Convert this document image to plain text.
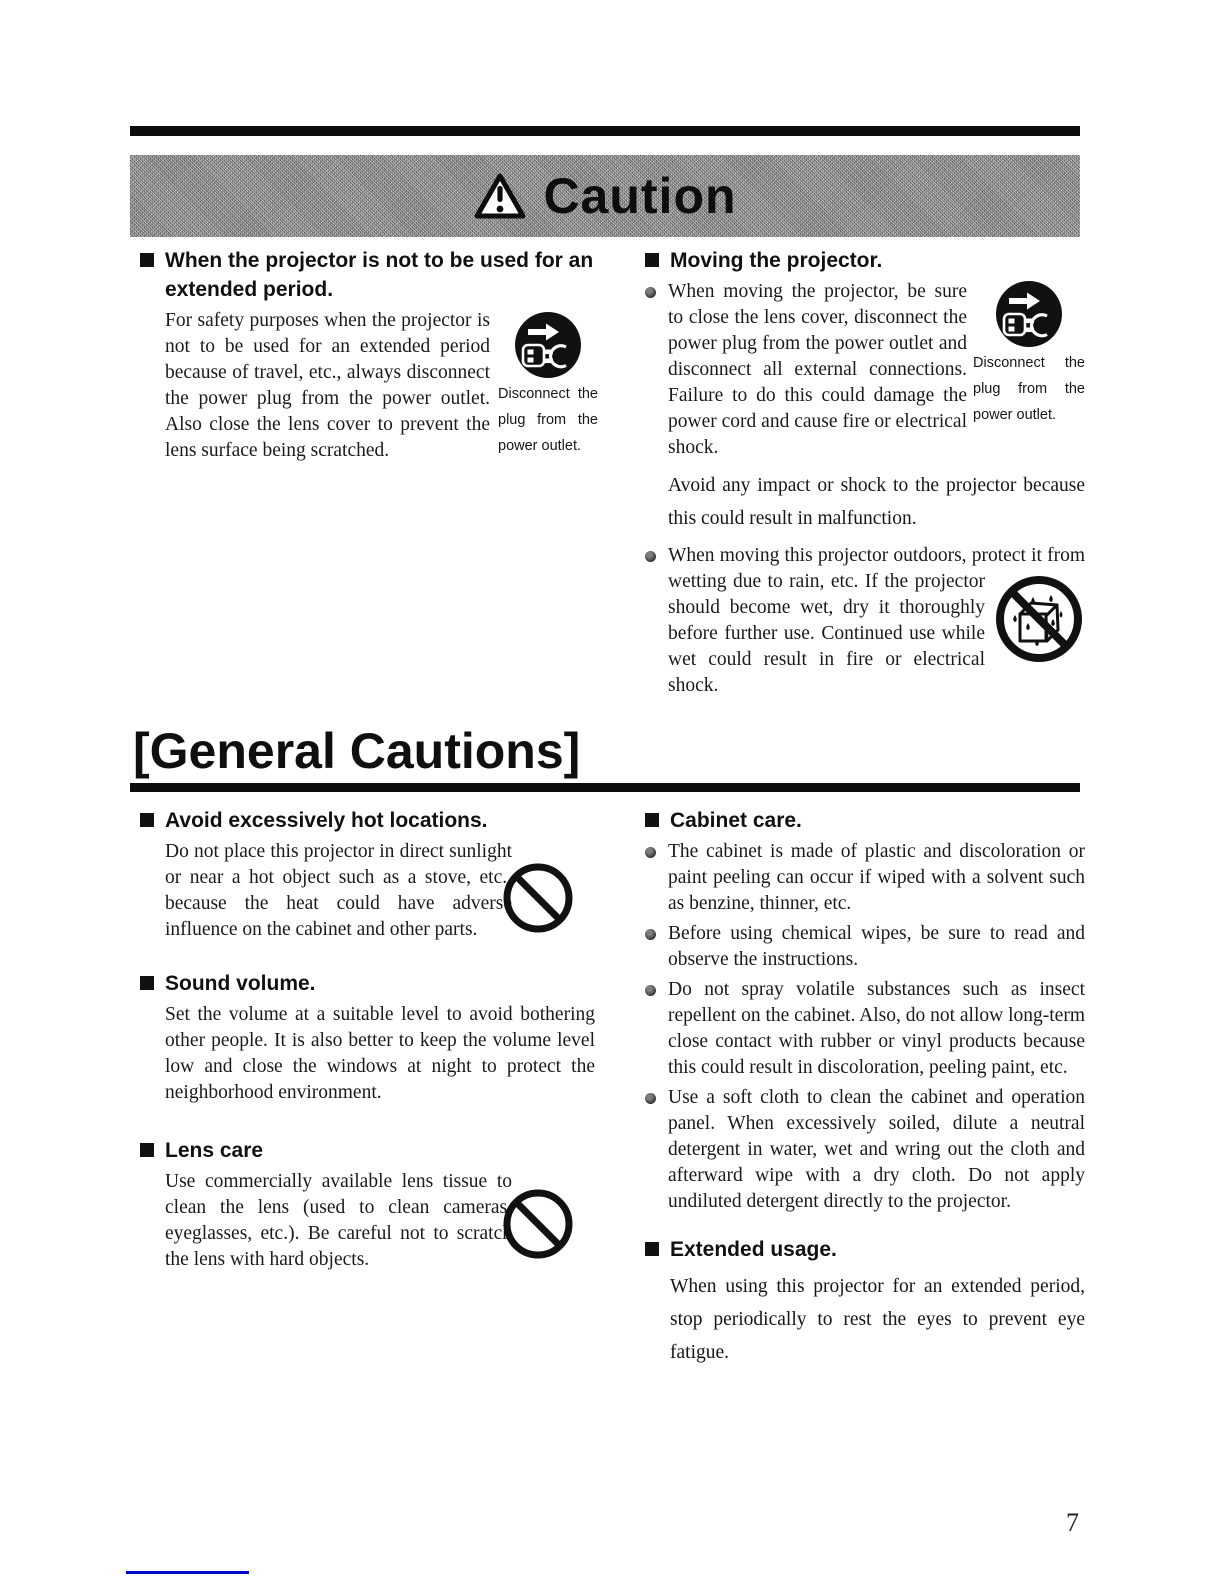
Caution
When the projector is not to be used for an extended period.
Disconnect the plug from the power outlet.
For safety purposes when the projector is not to be used for an extended period because of travel, etc., always disconnect the power plug from the power outlet. Also close the lens cover to prevent the lens surface being scratched.
Moving the projector.
Disconnect the plug from the power outlet.
When moving the projector, be sure to close the lens cover, disconnect the power plug from the power outlet and disconnect all external connections. Failure to do this could damage the power cord and cause fire or electrical shock.
Avoid any impact or shock to the projector because this could result in malfunction.
When moving this projector outdoors, protect
it from wetting due to rain, etc. If the projector should become wet, dry it thoroughly before further use. Continued use while wet could result in fire or electrical shock.
[General Cautions]
Avoid excessively hot locations.
Do not place this projector in direct sunlight or near a hot object such as a stove, etc., because the heat could have adverse influence on the cabinet and other parts.
Sound volume.
Set the volume at a suitable level to avoid bothering other people. It is also better to keep the volume level low and close the windows at night to protect the neighborhood environment.
Lens care
Use commercially available lens tissue to clean the lens (used to clean cameras, eyeglasses, etc.). Be careful not to scratch the lens with hard objects.
Cabinet care.
The cabinet is made of plastic and discoloration or paint peeling can occur if wiped with a solvent such as benzine, thinner, etc.
Before using chemical wipes, be sure to read and observe the instructions.
Do not spray volatile substances such as insect repellent on the cabinet. Also, do not allow long-term close contact with rubber or vinyl products because this could result in discoloration, peeling paint, etc.
Use a soft cloth to clean the cabinet and operation panel. When excessively soiled, dilute a neutral detergent in water, wet and wring out the cloth and afterward wipe with a dry cloth. Do not apply undiluted detergent directly to the projector.
Extended usage.
When using this projector for an extended period, stop periodically to rest the eyes to prevent eye fatigue.
7
